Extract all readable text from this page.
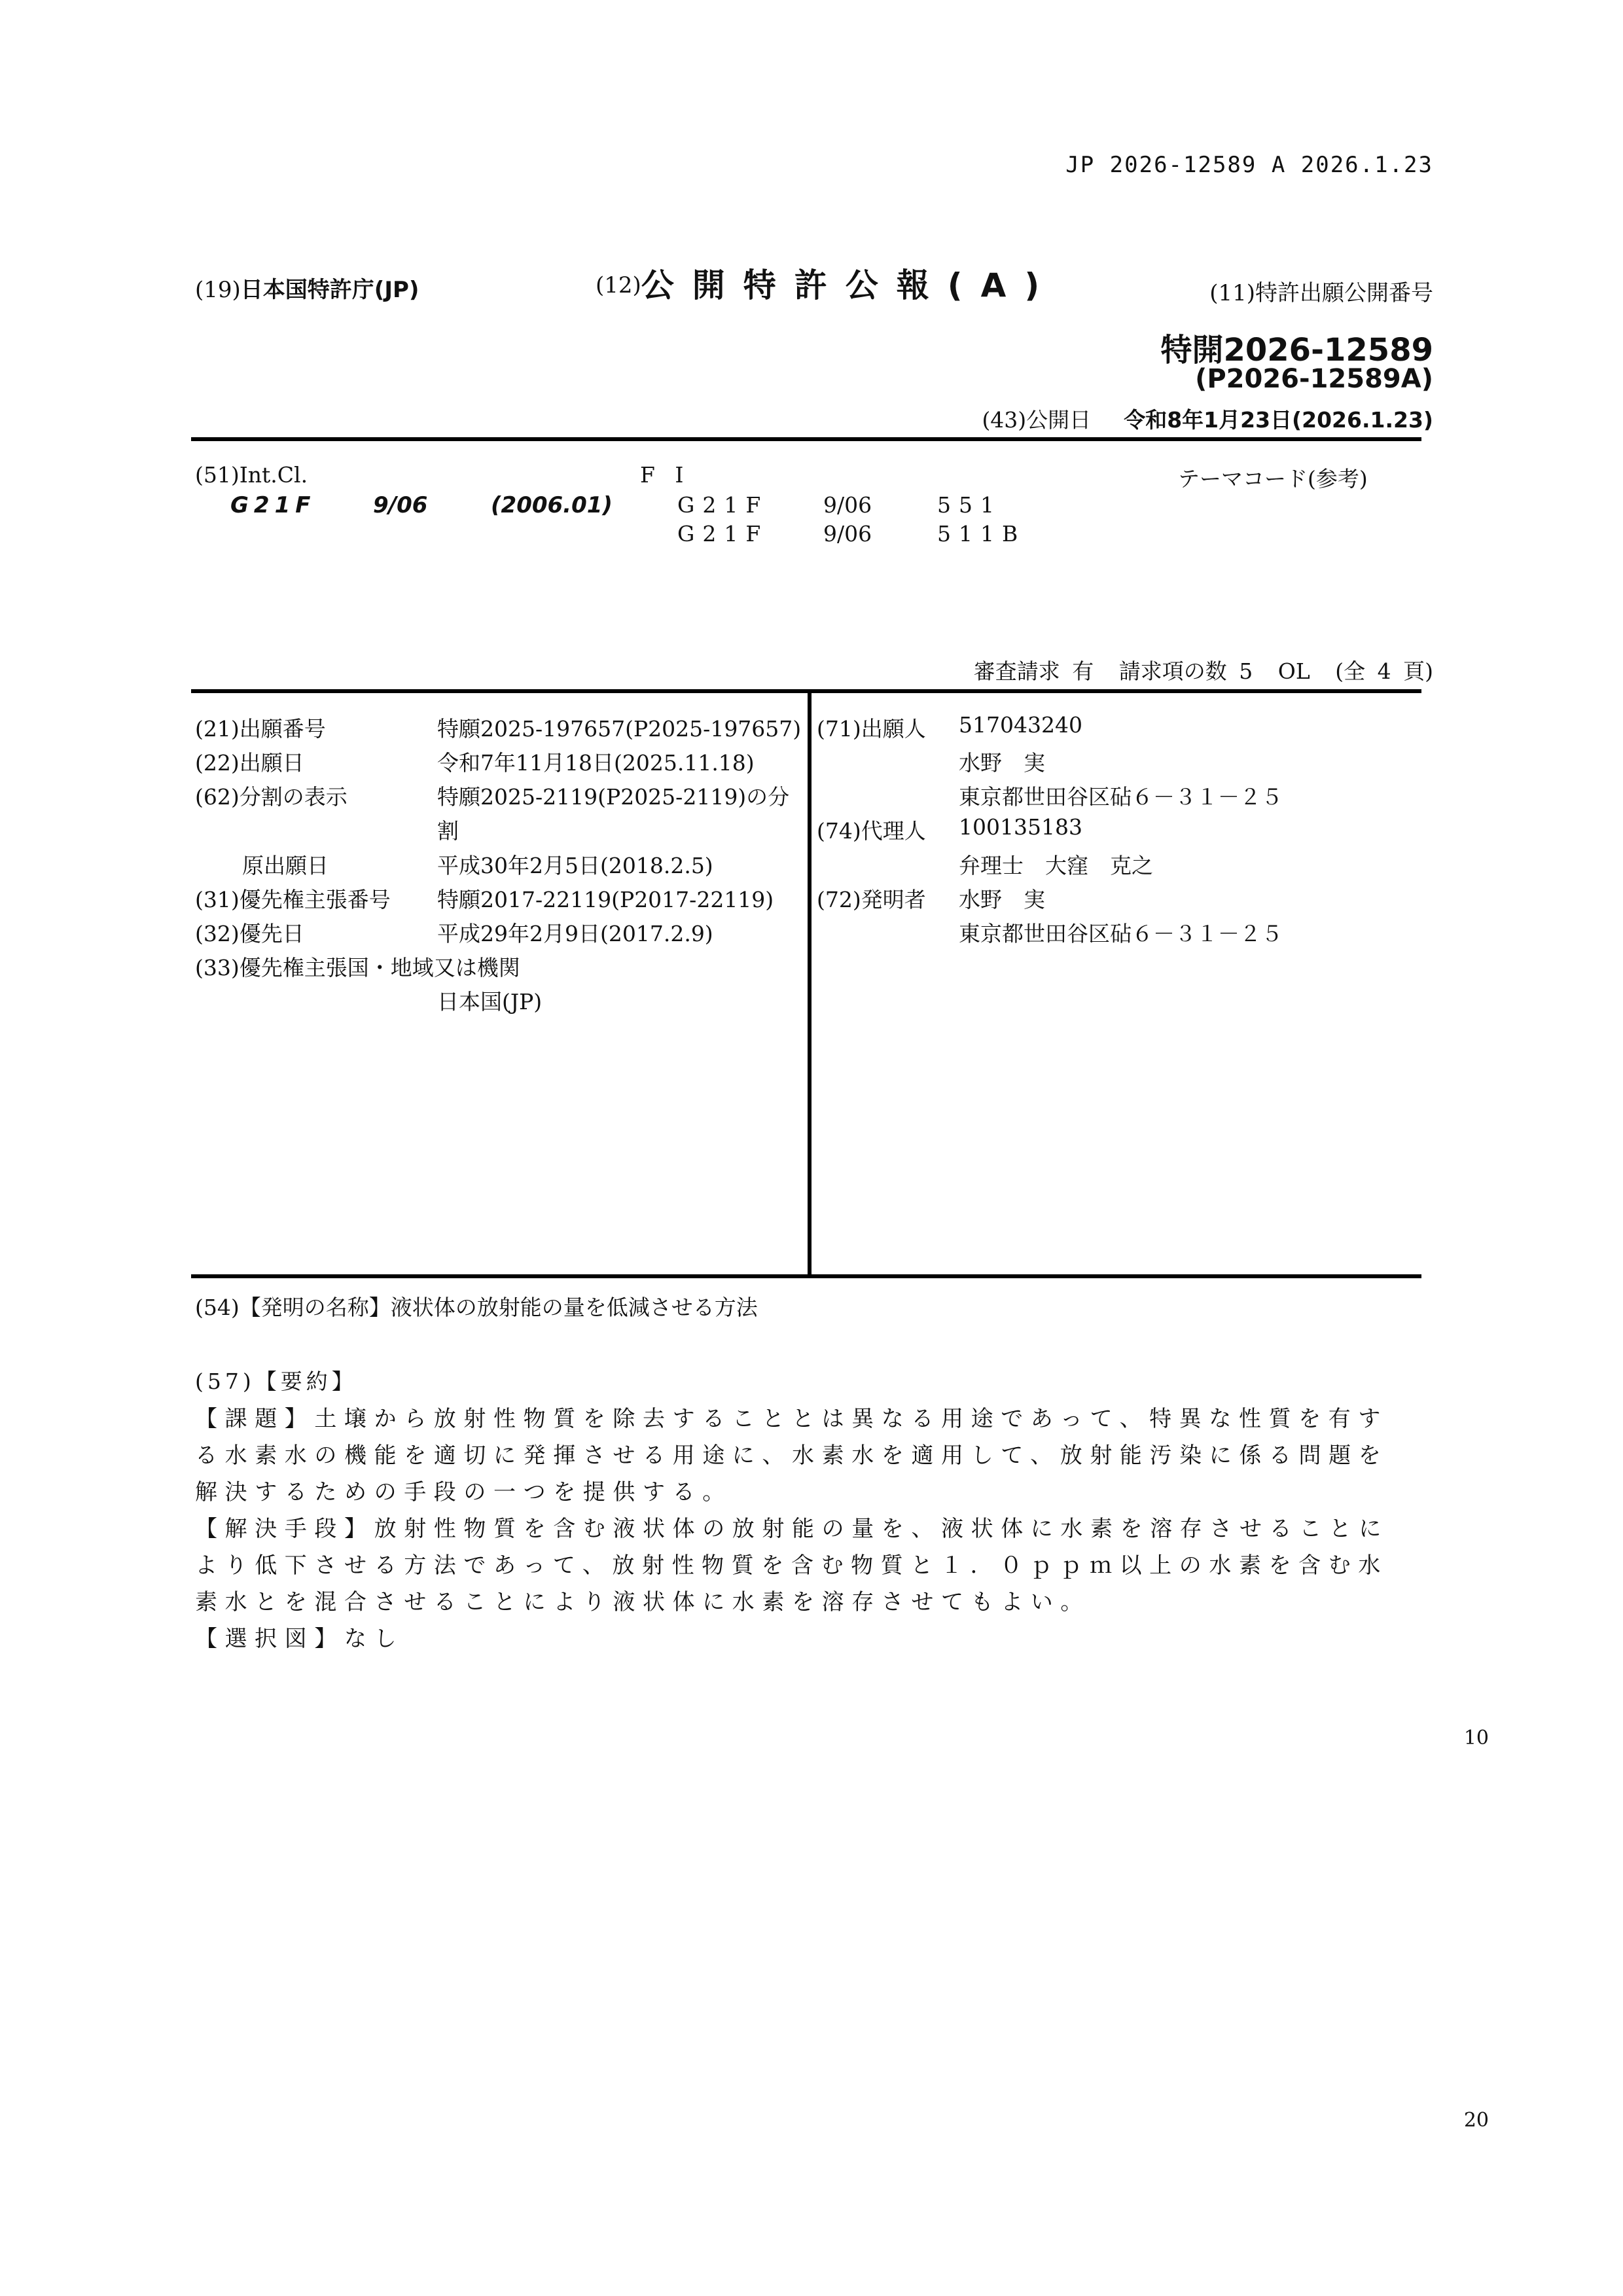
JP 2026-12589 A 2026.1.23
(19)日本国特許庁(JP)	(12)公開特許公報(A)	(11)特許出願公開番号
特開2026-12589
(P2026-12589A)
(43)公開日 令和8年1月23日(2026.1.23)
(51)Int.Cl.	F I	テーマコード(参考)
G21F	9/06	(2006.01)	G21F	9/06	551
G21F	9/06	511B
審査請求 有 請求項の数 5 OL (全 4 頁)
(21)出願番号	特願2025-197657(P2025-197657)
(22)出願日	令和7年11月18日(2025.11.18)
(62)分割の表示	特願2025-2119(P2025-2119)の分
割
原出願日	平成30年2月5日(2018.2.5)
(31)優先権主張番号 特願2017-22119(P2017-22119)
(32)優先日	平成29年2月9日(2017.2.9)
(33)優先権主張国・地域又は機関
日本国(JP)
(71)出願人 517043240
水野　実
東京都世田谷区砧６－３１－２５
(74)代理人 100135183
弁理士　大窪　克之
(72)発明者 水野　実
東京都世田谷区砧６－３１－２５
(54)【発明の名称】液状体の放射能の量を低減させる方法
(57)【要約】
【課題】土壌から放射性物質を除去することとは異なる用途であって、特異な性質を有す
る水素水の機能を適切に発揮させる用途に、水素水を適用して、放射能汚染に係る問題を
解決するための手段の一つを提供する。
【解決手段】放射性物質を含む液状体の放射能の量を、液状体に水素を溶存させることに
より低下させる方法であって、放射性物質を含む物質と１．０ｐｐｍ以上の水素を含む水
素水とを混合させることにより液状体に水素を溶存させてもよい。
【選択図】なし
10
20
